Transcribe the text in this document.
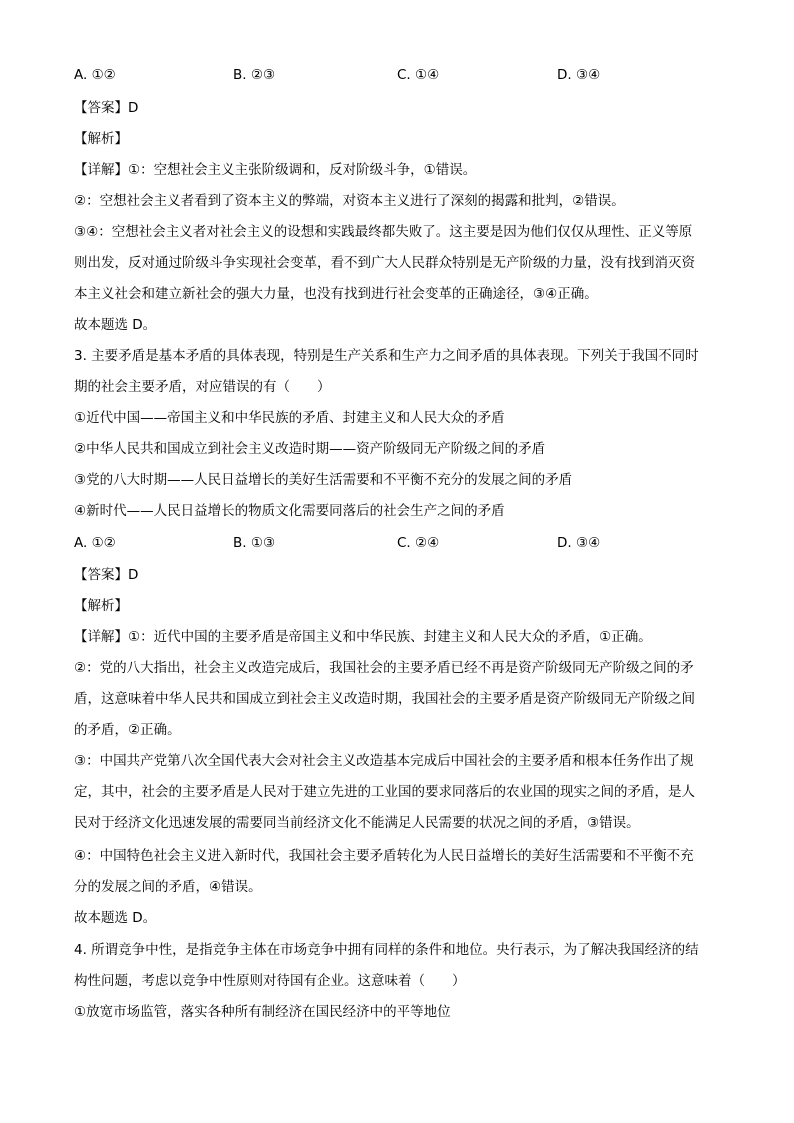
A. ①②	B. ②③	C. ①④	D. ③④
【答案】D
【解析】
【详解】①：空想社会主义主张阶级调和，反对阶级斗争，①错误。
②：空想社会主义者看到了资本主义的弊端，对资本主义进行了深刻的揭露和批判，②错误。
③④：空想社会主义者对社会主义的设想和实践最终都失败了。这主要是因为他们仅仅从理性、正义等原
则出发，反对通过阶级斗争实现社会变革，看不到广大人民群众特别是无产阶级的力量，没有找到消灭资
本主义社会和建立新社会的强大力量，也没有找到进行社会变革的正确途径，③④正确。
故本题选 D。
3. 主要矛盾是基本矛盾的具体表现，特别是生产关系和生产力之间矛盾的具体表现。下列关于我国不同时
期的社会主要矛盾，对应错误的有（　　）
①近代中国——帝国主义和中华民族的矛盾、封建主义和人民大众的矛盾
②中华人民共和国成立到社会主义改造时期——资产阶级同无产阶级之间的矛盾
③党的八大时期——人民日益增长的美好生活需要和不平衡不充分的发展之间的矛盾
④新时代——人民日益增长的物质文化需要同落后的社会生产之间的矛盾
A. ①②	B. ①③	C. ②④	D. ③④
【答案】D
【解析】
【详解】①：近代中国的主要矛盾是帝国主义和中华民族、封建主义和人民大众的矛盾，①正确。
②：党的八大指出，社会主义改造完成后，我国社会的主要矛盾已经不再是资产阶级同无产阶级之间的矛
盾，这意味着中华人民共和国成立到社会主义改造时期，我国社会的主要矛盾是资产阶级同无产阶级之间
的矛盾，②正确。
③：中国共产党第八次全国代表大会对社会主义改造基本完成后中国社会的主要矛盾和根本任务作出了规
定，其中，社会的主要矛盾是人民对于建立先进的工业国的要求同落后的农业国的现实之间的矛盾，是人
民对于经济文化迅速发展的需要同当前经济文化不能满足人民需要的状况之间的矛盾，③错误。
④：中国特色社会主义进入新时代，我国社会主要矛盾转化为人民日益增长的美好生活需要和不平衡不充
分的发展之间的矛盾，④错误。
故本题选 D。
4. 所谓竞争中性，是指竞争主体在市场竞争中拥有同样的条件和地位。央行表示，为了解决我国经济的结
构性问题，考虑以竞争中性原则对待国有企业。这意味着（　　）
①放宽市场监管，落实各种所有制经济在国民经济中的平等地位
